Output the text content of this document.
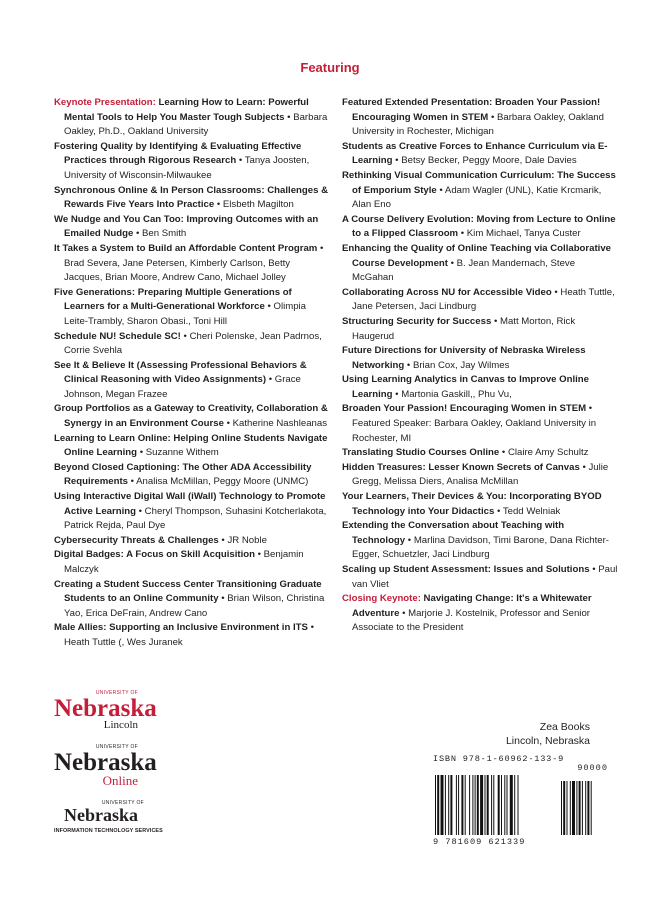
Featuring
Keynote Presentation: Learning How to Learn: Powerful Mental Tools to Help You Master Tough Subjects • Barbara Oakley, Ph.D., Oakland University
Fostering Quality by Identifying & Evaluating Effective Practices through Rigorous Research • Tanya Joosten, University of Wisconsin-Milwaukee
Synchronous Online & In Person Classrooms: Challenges & Rewards Five Years Into Practice • Elsbeth Magilton
We Nudge and You Can Too: Improving Outcomes with an Emailed Nudge • Ben Smith
It Takes a System to Build an Affordable Content Program • Brad Severa, Jane Petersen, Kimberly Carlson, Betty Jacques, Brian Moore, Andrew Cano, Michael Jolley
Five Generations: Preparing Multiple Generations of Learners for a Multi-Generational Workforce • Olimpia Leite-Trambly, Sharon Obasi., Toni Hill
Schedule NU! Schedule SC! • Cheri Polenske, Jean Padrnos, Corrie Svehla
See It & Believe It (Assessing Professional Behaviors & Clinical Reasoning with Video Assignments) • Grace Johnson, Megan Frazee
Group Portfolios as a Gateway to Creativity, Collaboration & Synergy in an Environment Course • Katherine Nashleanas
Learning to Learn Online: Helping Online Students Navigate Online Learning • Suzanne Withem
Beyond Closed Captioning: The Other ADA Accessibility Requirements • Analisa McMillan, Peggy Moore (UNMC)
Using Interactive Digital Wall (iWall) Technology to Promote Active Learning • Cheryl Thompson, Suhasini Kotcherlakota, Patrick Rejda, Paul Dye
Cybersecurity Threats & Challenges • JR Noble
Digital Badges: A Focus on Skill Acquisition • Benjamin Malczyk
Creating a Student Success Center Transitioning Graduate Students to an Online Community • Brian Wilson, Christina Yao, Erica DeFrain, Andrew Cano
Male Allies: Supporting an Inclusive Environment in ITS • Heath Tuttle (, Wes Juranek
Featured Extended Presentation: Broaden Your Passion! Encouraging Women in STEM • Barbara Oakley, Oakland University in Rochester, Michigan
Students as Creative Forces to Enhance Curriculum via E-Learning • Betsy Becker, Peggy Moore, Dale Davies
Rethinking Visual Communication Curriculum: The Success of Emporium Style • Adam Wagler (UNL), Katie Krcmarik, Alan Eno
A Course Delivery Evolution: Moving from Lecture to Online to a Flipped Classroom • Kim Michael, Tanya Custer
Enhancing the Quality of Online Teaching via Collaborative Course Development • B. Jean Mandernach, Steve McGahan
Collaborating Across NU for Accessible Video • Heath Tuttle, Jane Petersen, Jaci Lindburg
Structuring Security for Success • Matt Morton, Rick Haugerud
Future Directions for University of Nebraska Wireless Networking • Brian Cox, Jay Wilmes
Using Learning Analytics in Canvas to Improve Online Learning • Martonia Gaskill,, Phu Vu,
Broaden Your Passion! Encouraging Women in STEM • Featured Speaker: Barbara Oakley, Oakland University in Rochester, MI
Translating Studio Courses Online • Claire Amy Schultz
Hidden Treasures: Lesser Known Secrets of Canvas • Julie Gregg, Melissa Diers, Analisa McMillan
Your Learners, Their Devices & You: Incorporating BYOD Technology into Your Didactics • Tedd Welniak
Extending the Conversation about Teaching with Technology • Marlina Davidson, Timi Barone, Dana Richter-Egger, Schuetzler, Jaci Lindburg
Scaling up Student Assessment: Issues and Solutions • Paul van Vliet
Closing Keynote: Navigating Change: It's a Whitewater Adventure • Marjorie J. Kostelnik, Professor and Senior Associate to the President
Zea Books
Lincoln, Nebraska
UNIVERSITY OF
Nebraska
Lincoln
UNIVERSITY OF
Nebraska
Online
UNIVERSITY OF
Nebraska
INFORMATION TECHNOLOGY SERVICES
ISBN 978-1-60962-133-9
90000
9 781609 621339
